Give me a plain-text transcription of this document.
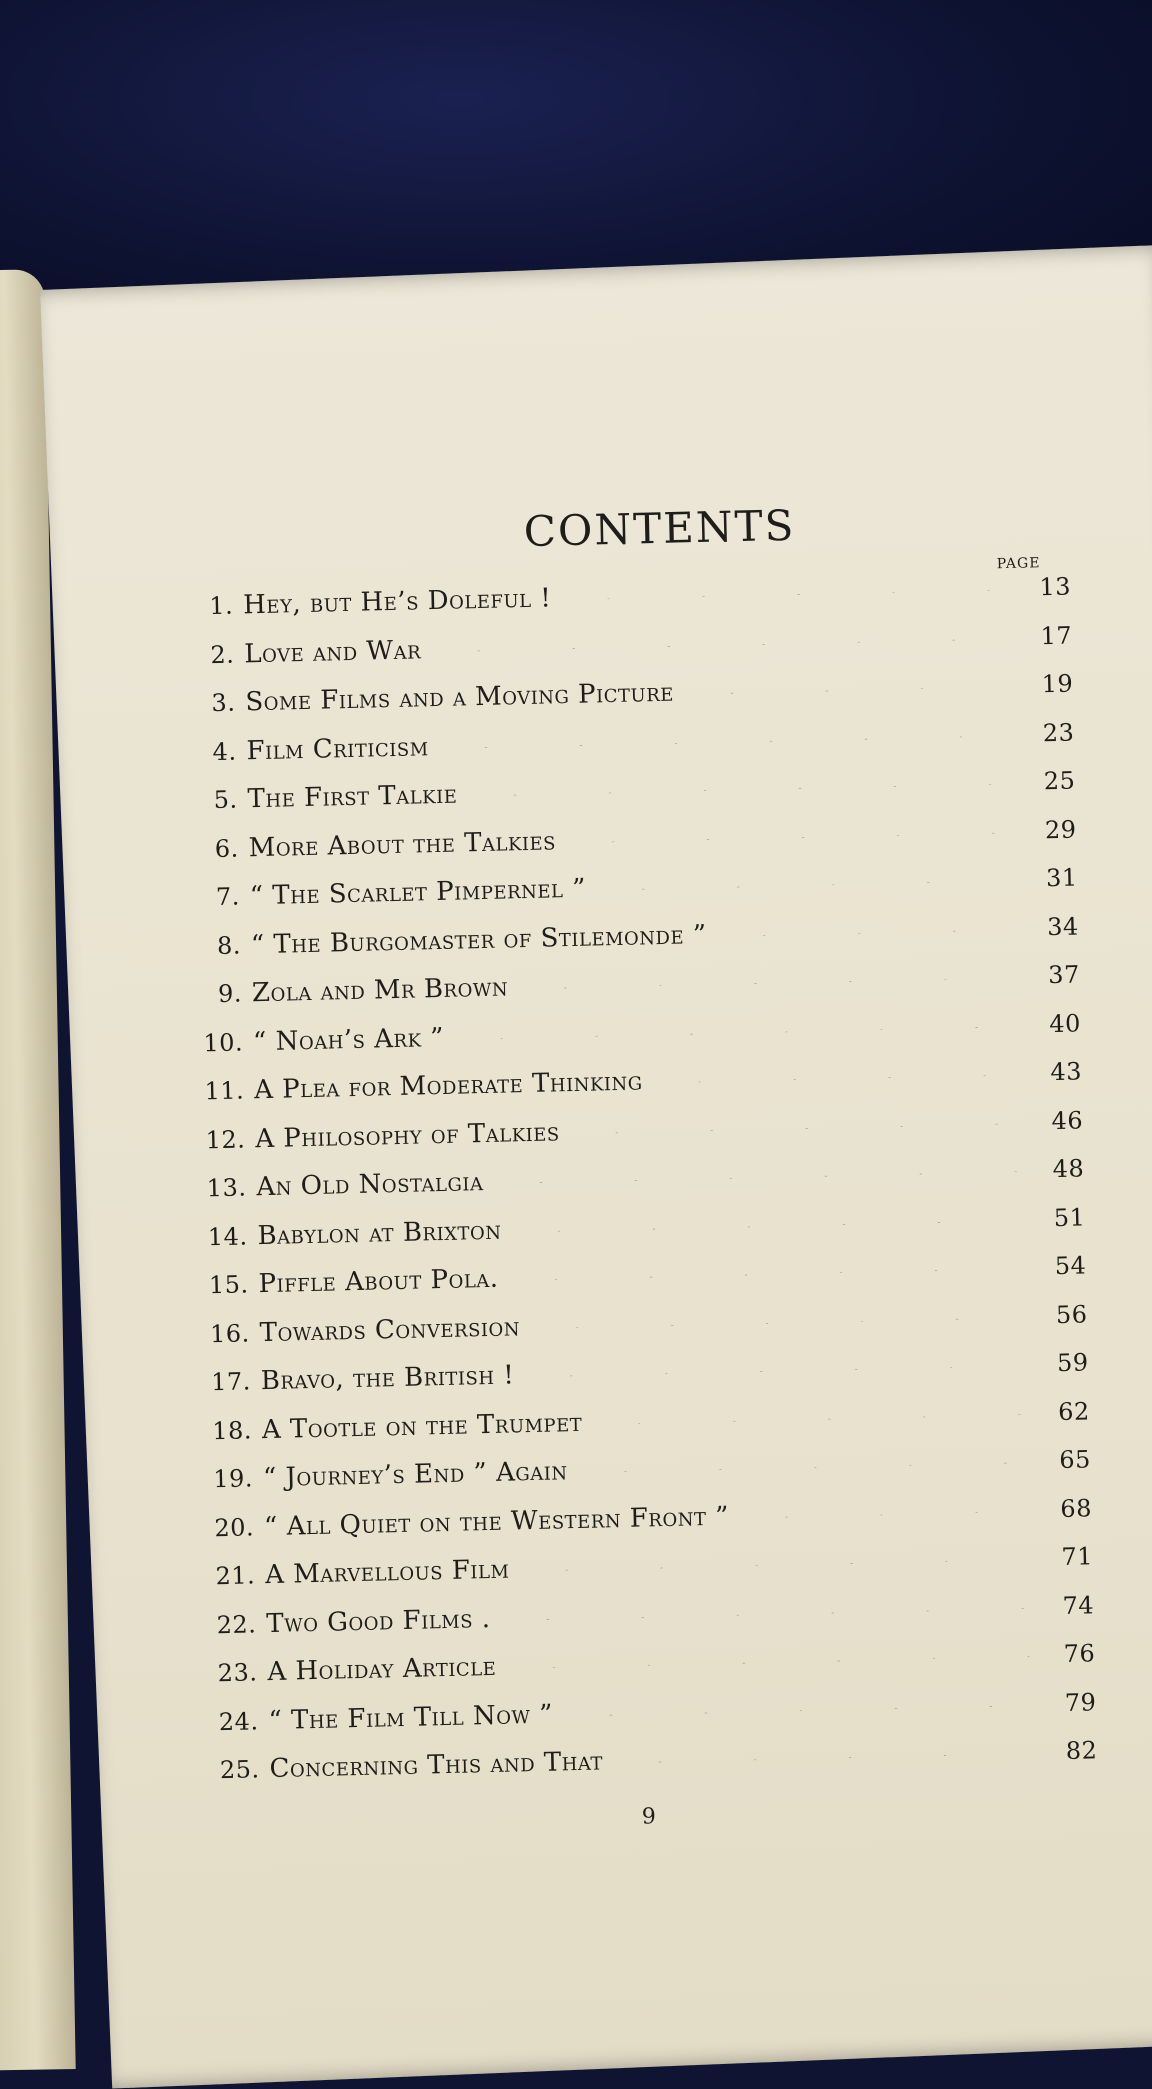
CONTENTS
PAGE
1. Hey, but He’s Doleful !	13
2. Love and War	17
3. Some Films and a Moving Picture	19
4. Film Criticism	23
5. The First Talkie	25
6. More About the Talkies	29
7. “ The Scarlet Pimpernel ”	31
8. “ The Burgomaster of Stilemonde ”	34
9. Zola and Mr Brown	37
10. “ Noah’s Ark ”	40
11. A Plea for Moderate Thinking	43
12. A Philosophy of Talkies	46
13. An Old Nostalgia	48
14. Babylon at Brixton	51
15. Piffle About Pola.	54
16. Towards Conversion	56
17. Bravo, the British !	59
18. A Tootle on the Trumpet	62
19. “ Journey’s End ” Again	65
20. “ All Quiet on the Western Front ”	68
21. A Marvellous Film	71
22. Two Good Films .	74
23. A Holiday Article	76
24. “ The Film Till Now ”	79
25. Concerning This and That	82
9
